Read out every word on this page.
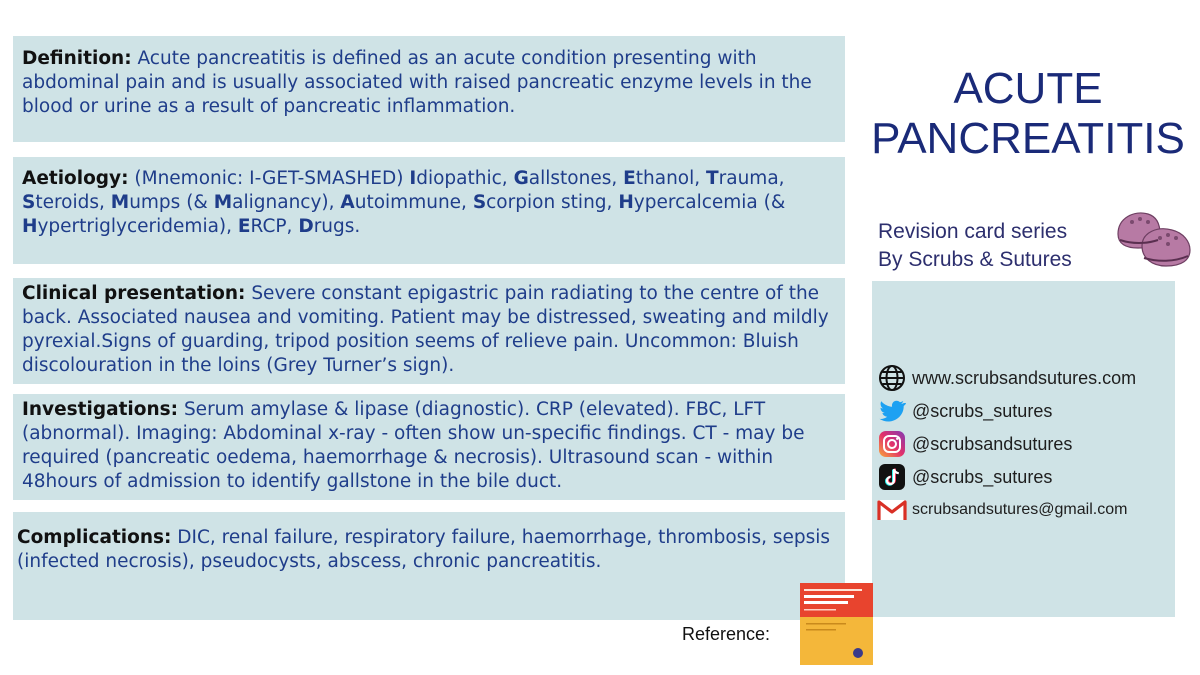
Definition: Acute pancreatitis is defined as an acute condition presenting with abdominal pain and is usually associated with raised pancreatic enzyme levels in the blood or urine as a result of pancreatic inflammation.
Aetiology: (Mnemonic: I-GET-SMASHED) Idiopathic, Gallstones, Ethanol, Trauma, Steroids, Mumps (& Malignancy), Autoimmune, Scorpion sting, Hypercalcemia (& Hypertriglyceridemia), ERCP, Drugs.
Clinical presentation: Severe constant epigastric pain radiating to the centre of the back. Associated nausea and vomiting. Patient may be distressed, sweating and mildly pyrexial.Signs of guarding, tripod position seems of relieve pain. Uncommon: Bluish discolouration in the loins (Grey Turner’s sign).
Investigations: Serum amylase & lipase (diagnostic). CRP (elevated). FBC, LFT (abnormal). Imaging: Abdominal x-ray - often show un-specific findings. CT - may be required (pancreatic oedema, haemorrhage & necrosis). Ultrasound scan - within 48hours of admission to identify gallstone in the bile duct.
Complications: DIC, renal failure, respiratory failure, haemorrhage, thrombosis, sepsis (infected necrosis), pseudocysts, abscess, chronic pancreatitis.
ACUTE
PANCREATITIS
Revision card series
By Scrubs & Sutures
www.scrubsandsutures.com
@scrubs_sutures
@scrubsandsutures
@scrubs_sutures
scrubsandsutures@gmail.com
Reference:
